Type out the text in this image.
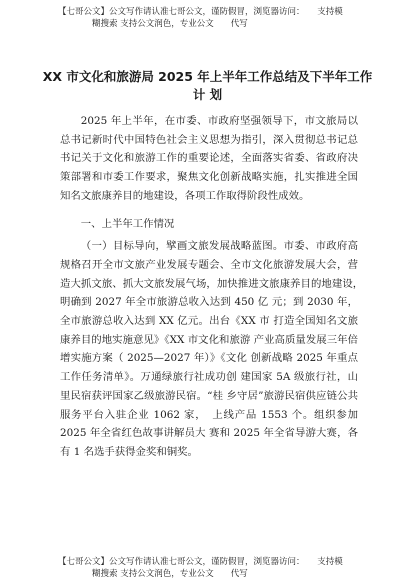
【七哥公文】公文写作请认准七哥公文，谨防假冒，浏览器访问：　　支持模
　　　　糊搜索 支持公文润色，专业公文　　代写
XX 市文化和旅游局 2025 年上半年工作总结及下半年工作计 划

2025 年上半年，在市委、市政府坚强领导下，市文旅局以总书记新时代中国特色社会主义思想为指引，深入贯彻总书记总书记关于文化和旅游工作的重要论述，全面落实省委、省政府决策部署和市委工作要求，聚焦文化创新战略实施，扎实推进全国知名文旅康养目的地建设，各项工作取得阶段性成效。

一、上半年工作情况

（一）目标导向，擘画文旅发展战略蓝图。市委、市政府高规格召开全市文旅产业发展专题会、全市文化旅游发展大会，营造大抓文旅、抓大文旅发展气场，加快推进文旅康养目的地建设，　明确到 2027 年全市旅游总收入达到 450 亿 元；到 2030 年，全市旅游总收入达到 XX 亿元。出台《XX 市 打造全国知名文旅康养目的地实施意见》《XX 市文化和旅游 产业高质量发展三年倍增实施方案（ 2025—2027 年）》《文化 创新战略 2025 年重点工作任务清单》。万通绿旅行社成功创 建国家 5A 级旅行社，山里民宿获评国家乙级旅游民宿。“桂 乡守居”旅游民宿供应链公共服务平台入驻企业 1062 家，　上线产品 1553 个。组织参加 2025 年全省红色故事讲解员大 赛和 2025 年全省导游大赛，各有 1 名选手获得金奖和铜奖。

【七哥公文】公文写作请认准七哥公文，谨防假冒，浏览器访问：　　支持模
　　　　糊搜索 支持公文润色，专业公文　　代写
